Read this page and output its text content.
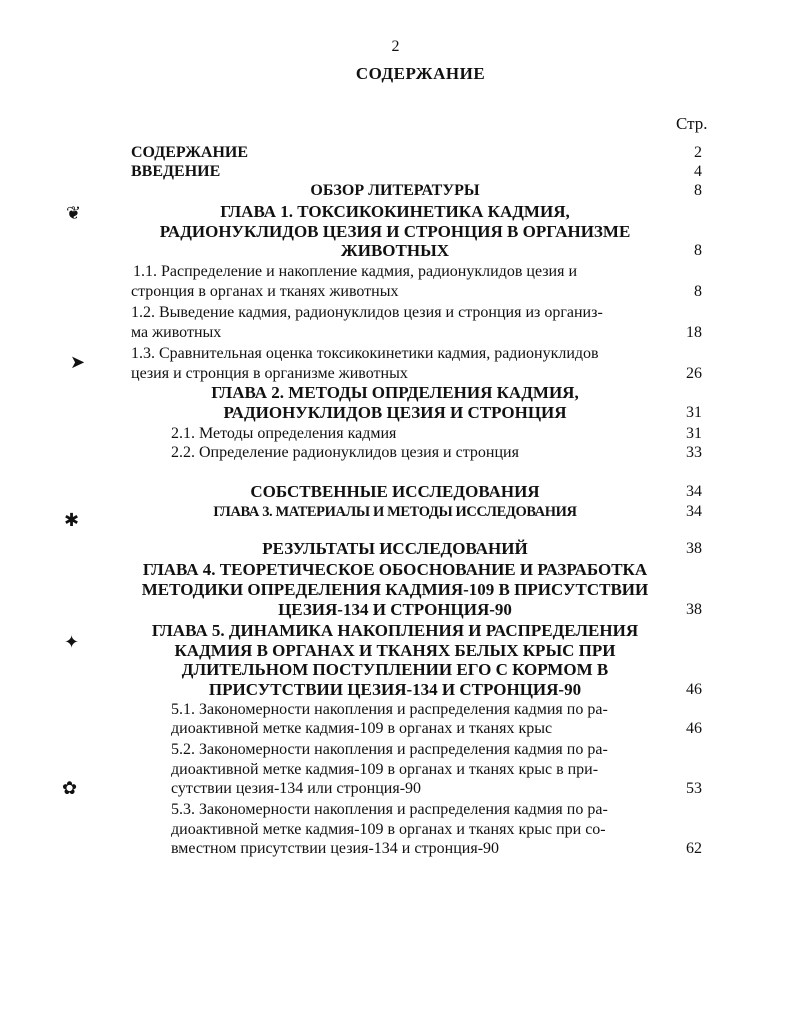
2
СОДЕРЖАНИЕ
Стр.
❦
➤
✱
✦
✿
СОДЕРЖАНИЕ	2
ВВЕДЕНИЕ	4
ОБЗОР ЛИТЕРАТУРЫ	8
ГЛАВА 1. ТОКСИКОКИНЕТИКА КАДМИЯ,
РАДИОНУКЛИДОВ ЦЕЗИЯ И СТРОНЦИЯ В ОРГАНИЗМЕ
ЖИВОТНЫХ	8
1.1. Распределение и накопление кадмия, радионуклидов цезия и
стронция в органах и тканях животных	8
1.2. Выведение кадмия, радионуклидов цезия и стронция из организ-
ма животных	18
1.3. Сравнительная оценка токсикокинетики кадмия, радионуклидов
цезия и стронция в организме животных	26
ГЛАВА 2. МЕТОДЫ ОПРДЕЛЕНИЯ КАДМИЯ,
РАДИОНУКЛИДОВ ЦЕЗИЯ И СТРОНЦИЯ	31
2.1. Методы определения кадмия	31
2.2. Определение радионуклидов цезия и стронция	33
СОБСТВЕННЫЕ ИССЛЕДОВАНИЯ	34
ГЛАВА 3. МАТЕРИАЛЫ И МЕТОДЫ ИССЛЕДОВАНИЯ	34
РЕЗУЛЬТАТЫ ИССЛЕДОВАНИЙ	38
ГЛАВА 4. ТЕОРЕТИЧЕСКОЕ ОБОСНОВАНИЕ И РАЗРАБОТКА
МЕТОДИКИ ОПРЕДЕЛЕНИЯ КАДМИЯ-109 В ПРИСУТСТВИИ
ЦЕЗИЯ-134 И СТРОНЦИЯ-90	38
ГЛАВА 5. ДИНАМИКА НАКОПЛЕНИЯ И РАСПРЕДЕЛЕНИЯ
КАДМИЯ В ОРГАНАХ И ТКАНЯХ БЕЛЫХ КРЫС ПРИ
ДЛИТЕЛЬНОМ ПОСТУПЛЕНИИ ЕГО С КОРМОМ В
ПРИСУТСТВИИ ЦЕЗИЯ-134 И СТРОНЦИЯ-90	46
5.1. Закономерности накопления и распределения кадмия по ра-
диоактивной метке кадмия-109 в органах и тканях крыс	46
5.2. Закономерности накопления и распределения кадмия по ра-
диоактивной метке кадмия-109 в органах и тканях крыс в при-
сутствии цезия-134 или стронция-90	53
5.3. Закономерности накопления и распределения кадмия по ра-
диоактивной метке кадмия-109 в органах и тканях крыс при со-
вместном присутствии цезия-134 и стронция-90	62
